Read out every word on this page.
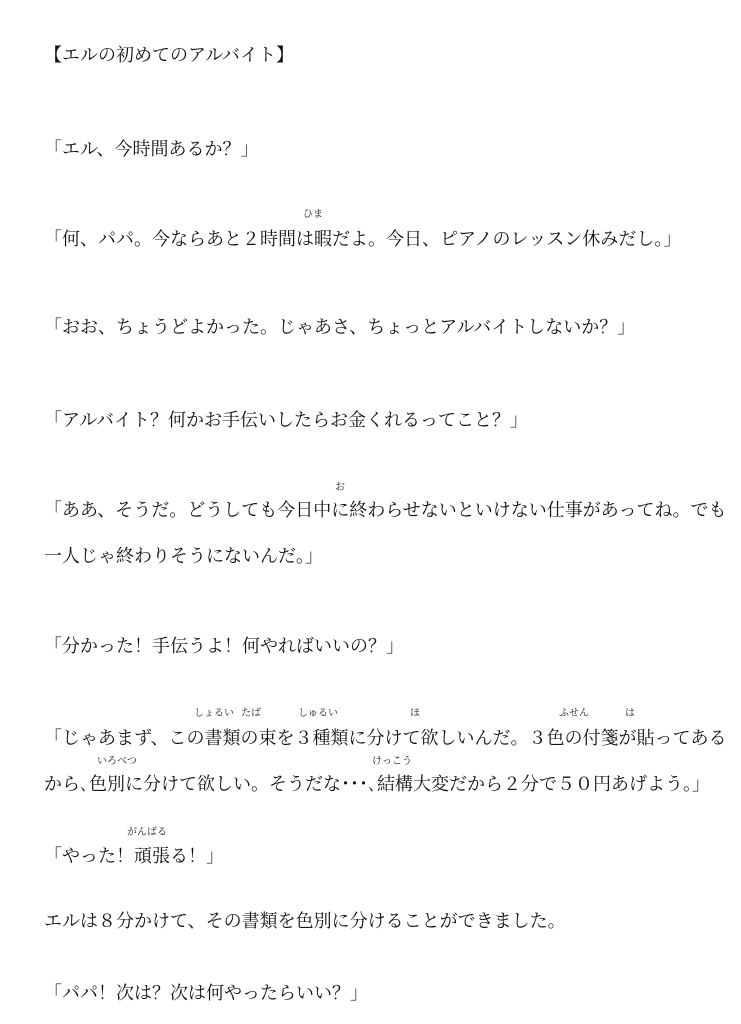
【エルの初めてのアルバイト】
「エル、今時間あるか？」
ひま
「何、パパ。今ならあと２時間は暇だよ。今日、ピアノのレッスン休みだし。」
「おお、ちょうどよかった。じゃあさ、ちょっとアルバイトしないか？」
「アルバイト？何かお手伝いしたらお金くれるってこと？」
お
「ああ、そうだ。どうしても今日中に終わらせないといけない仕事があってね。でも
一人じゃ終わりそうにないんだ。」
「分かった！手伝うよ！何やればいいの？」
しょるい たば	しゅるい	ほ	ふせん	は
「じゃあまず、この書類の束を３種類に分けて欲しいんだ。３色の付箋が貼ってある
いろべつ	けっこう
から､色別に分けて欲しい。そうだな･･･､結構大変だから２分で５０円あげよう。」
がんばる
「やった！頑張る！」
エルは８分かけて、その書類を色別に分けることができました。
「パパ！次は？次は何やったらいい？」
